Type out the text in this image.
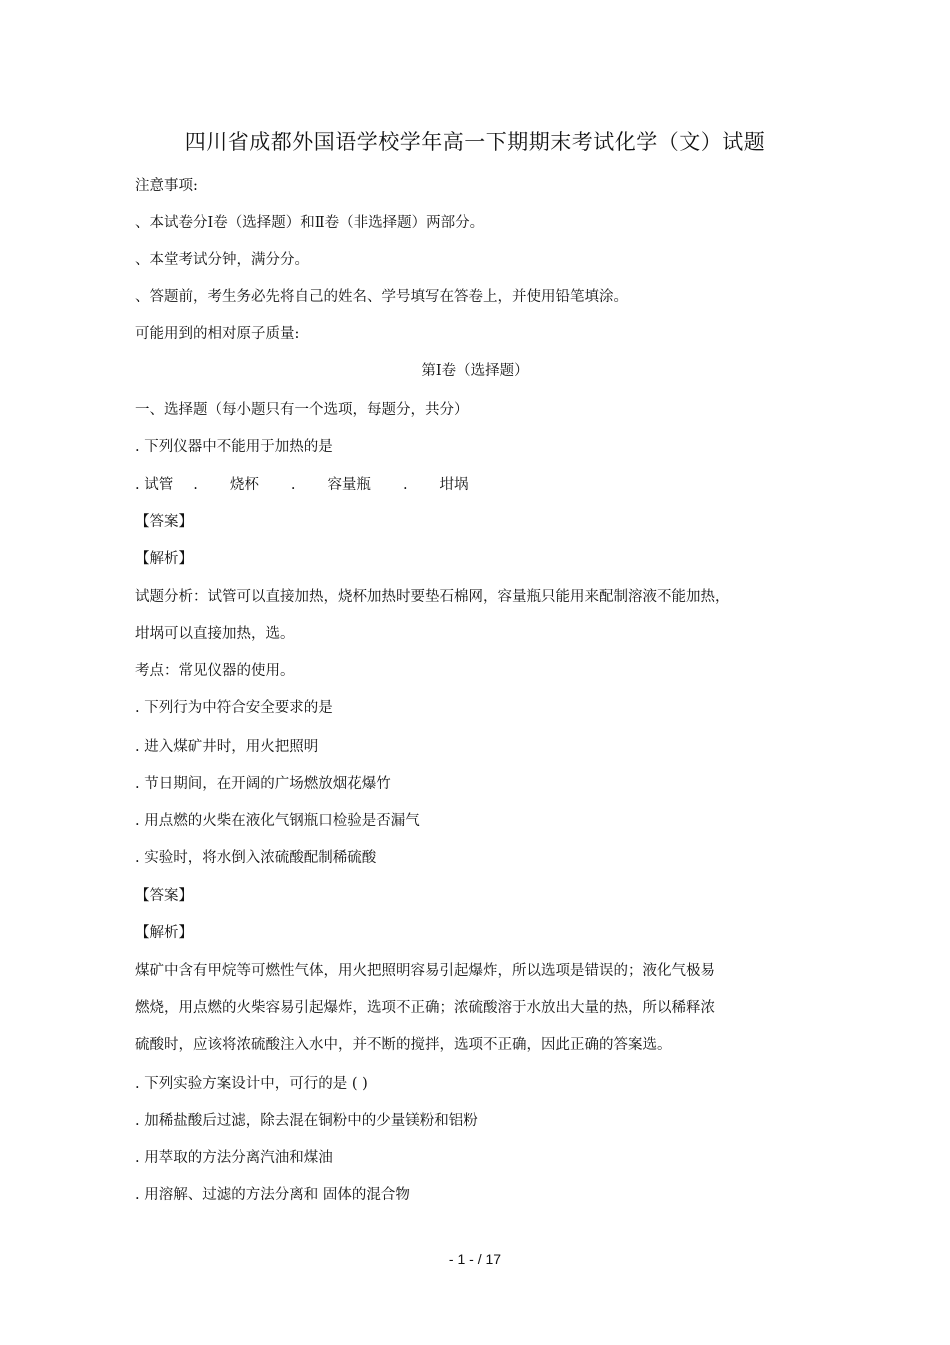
四川省成都外国语学校学年高一下期期末考试化学（文）试题
注意事项:
、本试卷分Ⅰ卷（选择题）和Ⅱ卷（非选择题）两部分。
、本堂考试分钟，满分分。
、答题前，考生务必先将自己的姓名、学号填写在答卷上，并使用铅笔填涂。
可能用到的相对原子质量:
第Ⅰ卷（选择题）
一、选择题（每小题只有一个选项，每题分，共分）
. 下列仪器中不能用于加热的是
. 试管 . 烧杯 . 容量瓶 . 坩埚
【答案】
【解析】
试题分析：试管可以直接加热，烧杯加热时要垫石棉网，容量瓶只能用来配制溶液不能加热，
坩埚可以直接加热，选。
考点：常见仪器的使用。
. 下列行为中符合安全要求的是
. 进入煤矿井时，用火把照明
. 节日期间，在开阔的广场燃放烟花爆竹
. 用点燃的火柴在液化气钢瓶口检验是否漏气
. 实验时，将水倒入浓硫酸配制稀硫酸
【答案】
【解析】
煤矿中含有甲烷等可燃性气体，用火把照明容易引起爆炸，所以选项是错误的；液化气极易
燃烧，用点燃的火柴容易引起爆炸，选项不正确；浓硫酸溶于水放出大量的热，所以稀释浓
硫酸时，应该将浓硫酸注入水中，并不断的搅拌，选项不正确，因此正确的答案选。
. 下列实验方案设计中，可行的是 ( )
. 加稀盐酸后过滤，除去混在铜粉中的少量镁粉和铝粉
. 用萃取的方法分离汽油和煤油
. 用溶解、过滤的方法分离和 固体的混合物
- 1 - / 17
